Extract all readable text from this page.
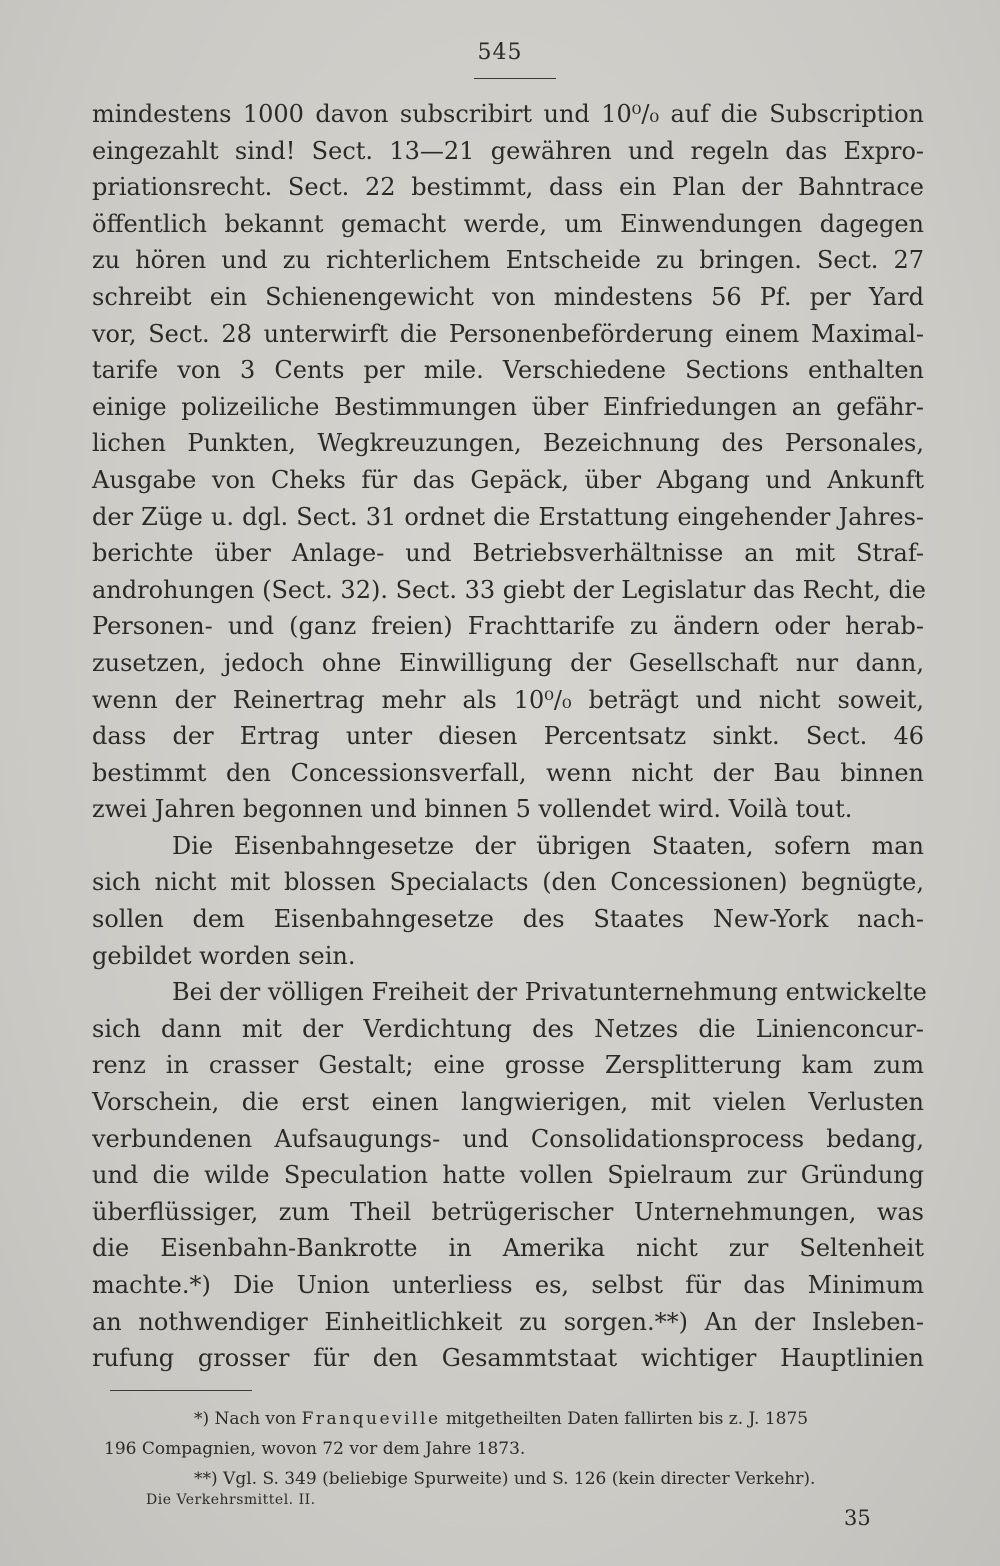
545
mindestens 1000 davon subscribirt und 10⁰/₀ auf die Subscription
eingezahlt sind! Sect. 13—21 gewähren und regeln das Expro-
priationsrecht. Sect. 22 bestimmt, dass ein Plan der Bahntrace
öffentlich bekannt gemacht werde, um Einwendungen dagegen
zu hören und zu richterlichem Entscheide zu bringen. Sect. 27
schreibt ein Schienengewicht von mindestens 56 Pf. per Yard
vor, Sect. 28 unterwirft die Personenbeförderung einem Maximal-
tarife von 3 Cents per mile. Verschiedene Sections enthalten
einige polizeiliche Bestimmungen über Einfriedungen an gefähr-
lichen Punkten, Wegkreuzungen, Bezeichnung des Personales,
Ausgabe von Cheks für das Gepäck, über Abgang und Ankunft
der Züge u. dgl. Sect. 31 ordnet die Erstattung eingehender Jahres-
berichte über Anlage- und Betriebsverhältnisse an mit Straf-
androhungen (Sect. 32). Sect. 33 giebt der Legislatur das Recht, die
Personen- und (ganz freien) Frachttarife zu ändern oder herab-
zusetzen, jedoch ohne Einwilligung der Gesellschaft nur dann,
wenn der Reinertrag mehr als 10⁰/₀ beträgt und nicht soweit,
dass der Ertrag unter diesen Percentsatz sinkt. Sect. 46
bestimmt den Concessionsverfall, wenn nicht der Bau binnen
zwei Jahren begonnen und binnen 5 vollendet wird. Voilà tout.
Die Eisenbahngesetze der übrigen Staaten, sofern man
sich nicht mit blossen Specialacts (den Concessionen) begnügte,
sollen dem Eisenbahngesetze des Staates New-York nach-
gebildet worden sein.
Bei der völligen Freiheit der Privatunternehmung entwickelte
sich dann mit der Verdichtung des Netzes die Linienconcur-
renz in crasser Gestalt; eine grosse Zersplitterung kam zum
Vorschein, die erst einen langwierigen, mit vielen Verlusten
verbundenen Aufsaugungs- und Consolidationsprocess bedang,
und die wilde Speculation hatte vollen Spielraum zur Gründung
überflüssiger, zum Theil betrügerischer Unternehmungen, was
die Eisenbahn-Bankrotte in Amerika nicht zur Seltenheit
machte.*) Die Union unterliess es, selbst für das Minimum
an nothwendiger Einheitlichkeit zu sorgen.**) An der Insleben-
rufung grosser für den Gesammtstaat wichtiger Hauptlinien
*) Nach von Franqueville mitgetheilten Daten fallirten bis z. J. 1875
196 Compagnien, wovon 72 vor dem Jahre 1873.
**) Vgl. S. 349 (beliebige Spurweite) und S. 126 (kein directer Verkehr).
Die Verkehrsmittel. II.
35
